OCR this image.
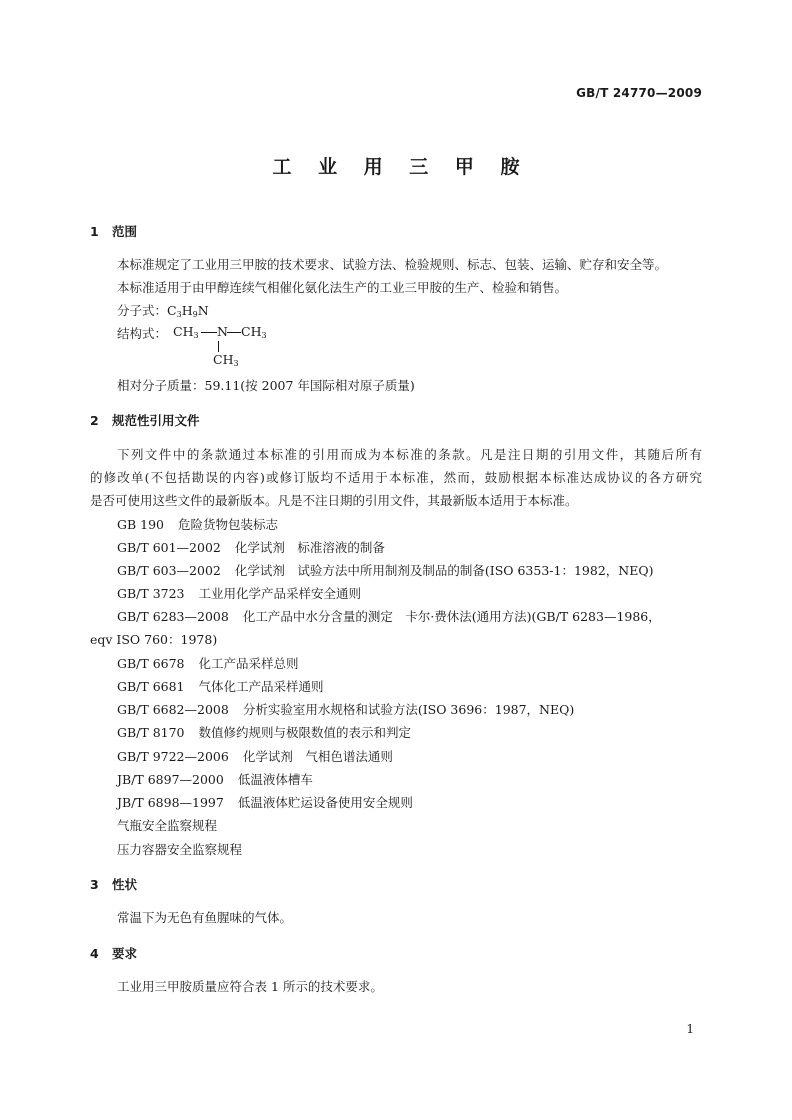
GB/T 24770—2009
工 业 用 三 甲 胺
1 范围
本标准规定了工业用三甲胺的技术要求、试验方法、检验规则、标志、包装、运输、贮存和安全等。
本标准适用于由甲醇连续气相催化氨化法生产的工业三甲胺的生产、检验和销售。
分子式：$C_3H_9N$
结构式： $CH_3$ N $CH_3$
$CH_3$
相对分子质量：59.11(按 2007 年国际相对原子质量)
2 规范性引用文件
下列文件中的条款通过本标准的引用而成为本标准的条款。凡是注日期的引用文件，其随后所有
的修改单(不包括勘误的内容)或修订版均不适用于本标准，然而，鼓励根据本标准达成协议的各方研究
是否可使用这些文件的最新版本。凡是不注日期的引用文件，其最新版本适用于本标准。
GB 190 危险货物包装标志
GB/T 601—2002 化学试剂　标准溶液的制备
GB/T 603—2002 化学试剂　试验方法中所用制剂及制品的制备(ISO 6353-1：1982，NEQ)
GB/T 3723 工业用化学产品采样安全通则
GB/T 6283—2008 化工产品中水分含量的测定　卡尔·费休法(通用方法)(GB/T 6283—1986，
eqv ISO 760：1978)
GB/T 6678 化工产品采样总则
GB/T 6681 气体化工产品采样通则
GB/T 6682—2008 分析实验室用水规格和试验方法(ISO 3696：1987，NEQ)
GB/T 8170 数值修约规则与极限数值的表示和判定
GB/T 9722—2006 化学试剂　气相色谱法通则
JB/T 6897—2000 低温液体槽车
JB/T 6898—1997 低温液体贮运设备使用安全规则
气瓶安全监察规程
压力容器安全监察规程
3 性状
常温下为无色有鱼腥味的气体。
4 要求
工业用三甲胺质量应符合表 1 所示的技术要求。
1
